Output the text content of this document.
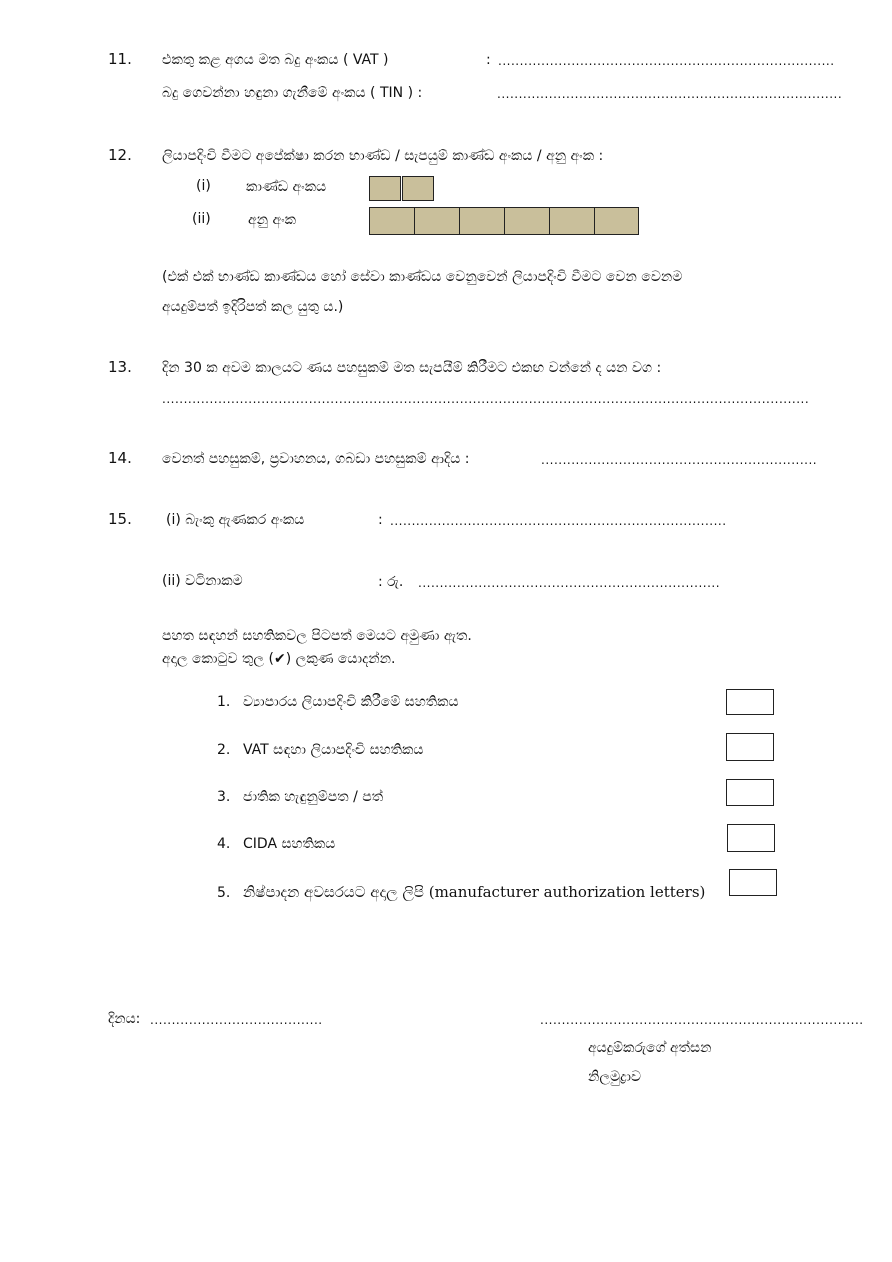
11. එකතු කළ අගය මත බදු අංකය ( VAT )	: ..............................................................................
බදු ගෙවන්නා හඳුනා ගැනීමේ අංකය ( TIN ) :	................................................................................
12. ලියාපදිංචි වීමට අපේක්ෂා කරන භාණ්ඩ / සැපයුම් කාණ්ඩ අංකය / අනු අංක :
(i)	කාණ්ඩ අංකය
(ii)	අනු අංක
(එක් එක් භාණ්ඩ කාණ්ඩය හෝ සේවා කාණ්ඩය වෙනුවෙන් ලියාපදිංචි වීමට වෙන වෙනම
අයදුම්පත් ඉදිරිපත් කල යුතු ය.)
13. දින 30 ක අවම කාලයට ණය පහසුකම් මත සැපයීම් කිරීමට එකඟ වන්නේ ද යන වග :
......................................................................................................................................................
14. වෙනත් පහසුකම්, ප්‍රවාහනය, ගබඩා පහසුකම් ආදිය :	................................................................
15. (i) බැංකු ඇණකර අංකය	: ..............................................................................
(ii) වටිනාකම	: රු. ......................................................................
පහත සඳහන් සහතිකවල පිටපත් මෙයට අමුණා ඇත.
අදාල කොටුව තුල (✔) ලකුණ යොදන්න.
1. ව්‍යාපාරය ලියාපදිංචි කිරීමේ සහතිකය
2. VAT සඳහා ලියාපදිංචි සහතිකය
3. ජාතික හැඳුනුම්පත / පත්
4. CIDA සහතිකය
5. නිෂ්පාදන අවසරයට අදාල ලිපි (manufacturer authorization letters)
දිනය: ........................................	...........................................................................
අයදුම්කරුගේ අත්සන
නිලමුද්‍රාව
